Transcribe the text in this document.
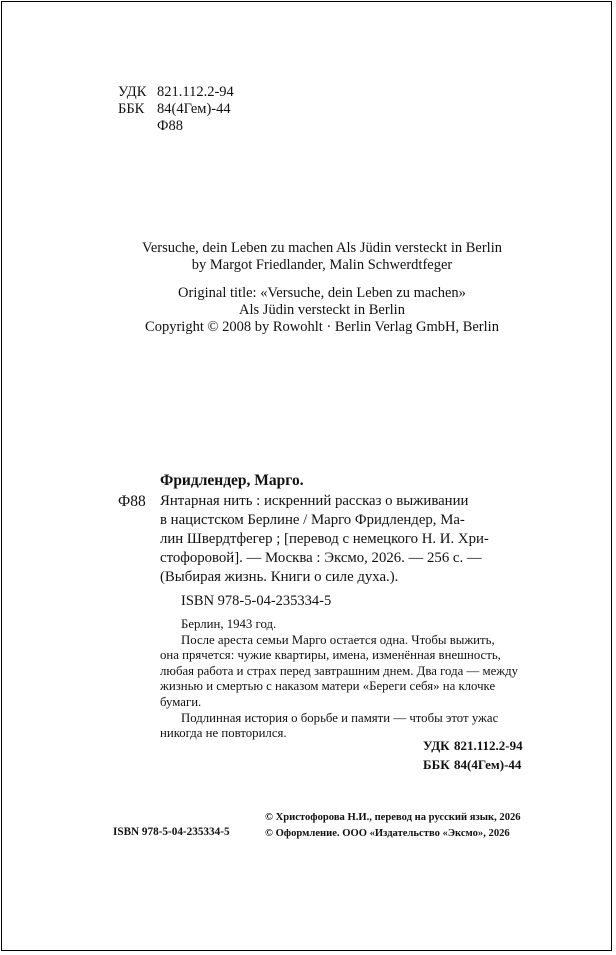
УДК 821.112.2-94
ББК 84(4Гем)-44
Ф88
Versuche, dein Leben zu machen Als Jüdin versteckt in Berlin
by Margot Friedlander, Malin Schwerdtfeger
Original title: «Versuche, dein Leben zu machen»
Als Jüdin versteckt in Berlin
Copyright © 2008 by Rowohlt · Berlin Verlag GmbH, Berlin
Фридлендер, Марго.
Ф88 Янтарная нить : искренний рассказ о выживании
в нацистском Берлине / Марго Фридлендер, Ма-
лин Швердтфегер ; [перевод с немецкого Н. И. Хри-
стофоровой]. — Москва : Эксмо, 2026. — 256 с. —
(Выбирая жизнь. Книги о силе духа.).
ISBN 978-5-04-235334-5
Берлин, 1943 год.
После ареста семьи Марго остается одна. Чтобы выжить,
она прячется: чужие квартиры, имена, изменённая внешность,
любая работа и страх перед завтрашним днем. Два года — между
жизнью и смертью с наказом матери «Береги себя» на клочке
бумаги.
Подлинная история о борьбе и памяти — чтобы этот ужас
никогда не повторился.
УДК 821.112.2-94
ББК 84(4Гем)-44
ISBN 978-5-04-235334-5
© Христофорова Н.И., перевод на русский язык, 2026
© Оформление. ООО «Издательство «Эксмо», 2026
